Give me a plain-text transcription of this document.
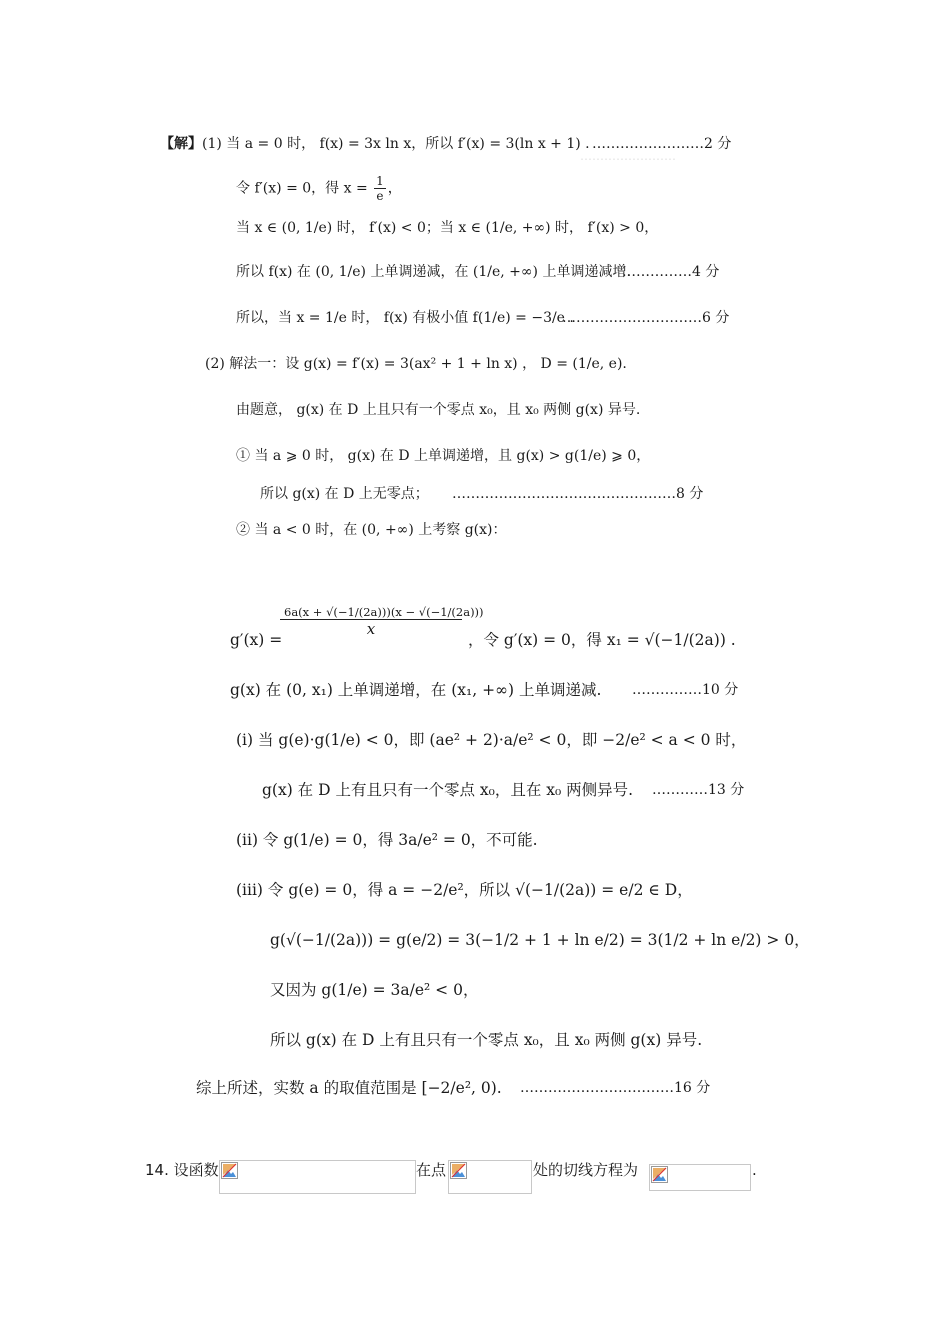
⋯⋯⋯⋯⋯⋯⋯⋯
【解】(1) 当 a = 0 时， f(x) = 3x ln x，所以 f′(x) = 3(ln x + 1) . ……………………2 分
令 f′(x) = 0，得 $x = \frac{1}{e}$ ，
当 x ∈ (0, 1/e) 时， f′(x) < 0；当 x ∈ (1/e, +∞) 时， f′(x) > 0，
所以 f(x) 在 (0, 1/e) 上单调递减，在 (1/e, +∞) 上单调递减增.
……………4 分
所以，当 x = 1/e 时， f(x) 有极小值 f(1/e) = −3/e .
…………………………6 分
(2) 解法一：设 g(x) = f′(x) = 3(ax² + 1 + ln x) ， D = (1/e, e).
由题意， g(x) 在 D 上且只有一个零点 x₀，且 x₀ 两侧 g(x) 异号.
① 当 a ⩾ 0 时， g(x) 在 D 上单调递增，且 g(x) > g(1/e) ⩾ 0，
所以 g(x) 在 D 上无零点； …………………………………………8 分
② 当 a < 0 时，在 (0, +∞) 上考察 g(x)：
g′(x) =
6a(x + √(−1/(2a)))(x − √(−1/(2a)))
x
，令 g′(x) = 0，得 x₁ = √(−1/(2a)) .
g(x) 在 (0, x₁) 上单调递增，在 (x₁, +∞) 上单调递减. ……………10 分
(i) 当 g(e)·g(1/e) < 0，即 (ae² + 2)·a/e² < 0，即 −2/e² < a < 0 时，
g(x) 在 D 上有且只有一个零点 x₀，且在 x₀ 两侧异号. …………13 分
(ii) 令 g(1/e) = 0，得 3a/e² = 0，不可能.
(iii) 令 g(e) = 0，得 a = −2/e²，所以 √(−1/(2a)) = e/2 ∈ D，
g(√(−1/(2a))) = g(e/2) = 3(−1/2 + 1 + ln e/2) = 3(1/2 + ln e/2) > 0，
又因为 g(1/e) = 3a/e² < 0，
所以 g(x) 在 D 上有且只有一个零点 x₀，且 x₀ 两侧 g(x) 异号.
综上所述，实数 a 的取值范围是 [−2/e², 0). ……………………………16 分
14. 设函数	在点	处的切线方程为	.
